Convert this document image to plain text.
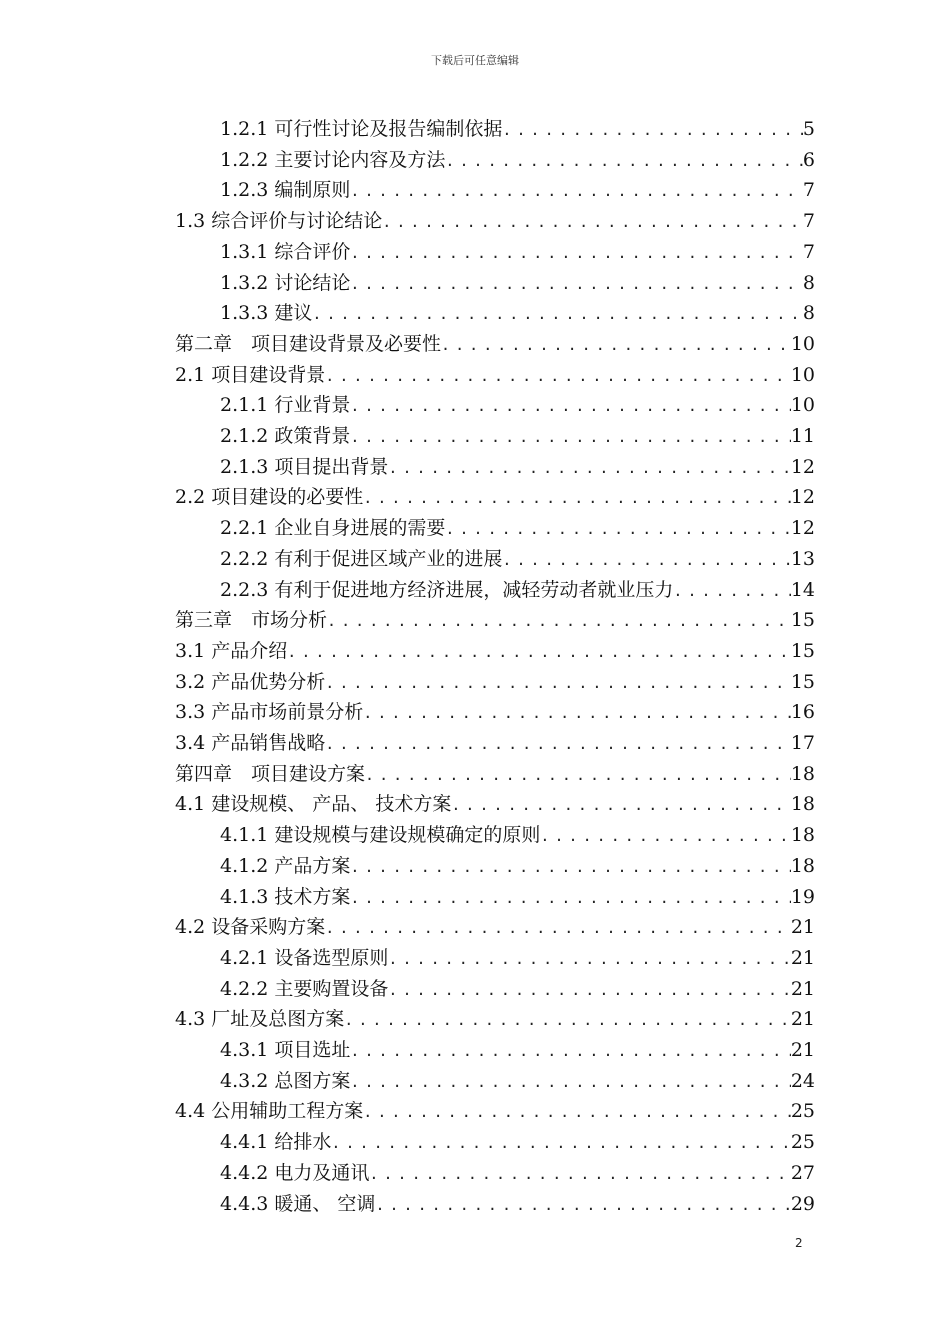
下载后可任意编辑
1.2.1 可行性讨论及报告编制依据 . . .	5
1.2.2 主要讨论内容及方法 . . .	6
1.2.3 编制原则 . . .	7
1.3 综合评价与讨论结论 . . .	7
1.3.1 综合评价 . . .	7
1.3.2 讨论结论 . . .	8
1.3.3 建议 . . .	8
第二章　项目建设背景及必要性 . . .	10
2.1 项目建设背景 . . .	10
2.1.1 行业背景 . . .	10
2.1.2 政策背景 . . .	11
2.1.3 项目提出背景 . . .	12
2.2 项目建设的必要性 . . .	12
2.2.1 企业自身进展的需要 . . .	12
2.2.2 有利于促进区域产业的进展 . . .	13
2.2.3 有利于促进地方经济进展，减轻劳动者就业压力 . . .	14
第三章　市场分析 . . .	15
3.1 产品介绍 . . .	15
3.2 产品优势分析 . . .	15
3.3 产品市场前景分析 . . .	16
3.4 产品销售战略 . . .	17
第四章　项目建设方案 . . .	18
4.1 建设规模、 产品、 技术方案 . . .	18
4.1.1 建设规模与建设规模确定的原则 . . .	18
4.1.2 产品方案 . . .	18
4.1.3 技术方案 . . .	19
4.2 设备采购方案 . . .	21
4.2.1 设备选型原则 . . .	21
4.2.2 主要购置设备 . . .	21
4.3 厂址及总图方案 . . .	21
4.3.1 项目选址 . . .	21
4.3.2 总图方案 . . .	24
4.4 公用辅助工程方案 . . .	25
4.4.1 给排水 . . .	25
4.4.2 电力及通讯 . . .	27
4.4.3 暖通、 空调 . . .	29
2
